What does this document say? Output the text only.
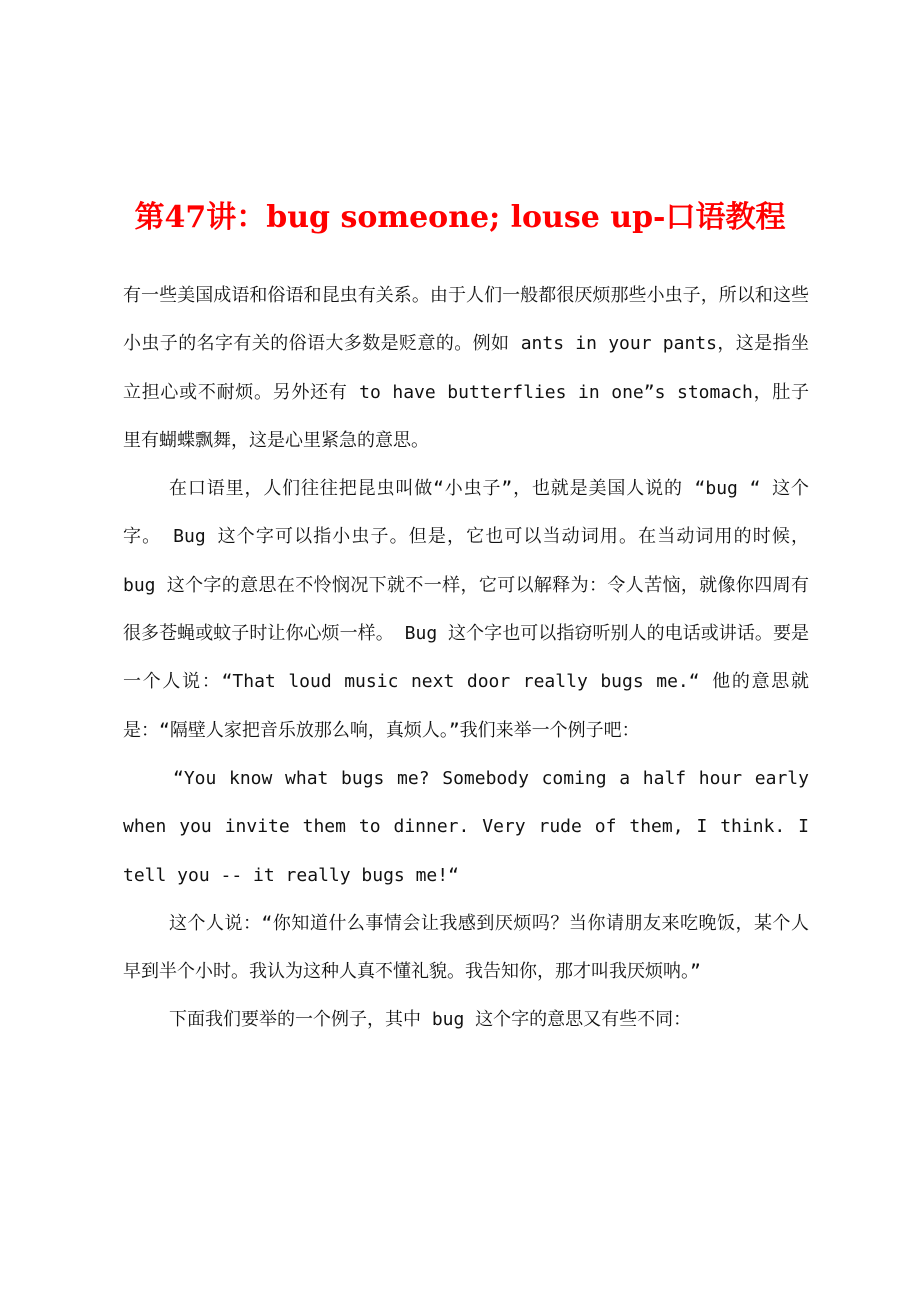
第47讲：bug someone; louse up-口语教程

有一些美国成语和俗语和昆虫有关系。由于人们一般都很厌烦那些小虫子，所以和这些小虫子的名字有关的俗语大多数是贬意的。例如 ants in your pants，这是指坐立担心或不耐烦。另外还有 to have butterflies in one”s stomach，肚子里有蝴蝶飘舞，这是心里紧急的意思。

在口语里，人们往往把昆虫叫做“小虫子”，也就是美国人说的 “bug “ 这个字。 Bug 这个字可以指小虫子。但是，它也可以当动词用。在当动词用的时候， bug 这个字的意思在不怜悯况下就不一样，它可以解释为：令人苦恼，就像你四周有很多苍蝇或蚊子时让你心烦一样。 Bug 这个字也可以指窃听别人的电话或讲话。要是一个人说：“That loud music next door really bugs me.“ 他的意思就是：“隔壁人家把音乐放那么响，真烦人。”我们来举一个例子吧：

“You know what bugs me? Somebody coming a half hour early when you invite them to dinner. Very rude of them, I think. I tell you -- it really bugs me!“

这个人说：“你知道什么事情会让我感到厌烦吗？当你请朋友来吃晚饭，某个人早到半个小时。我认为这种人真不懂礼貌。我告知你，那才叫我厌烦呐。”

下面我们要举的一个例子，其中 bug 这个字的意思又有些不同：
